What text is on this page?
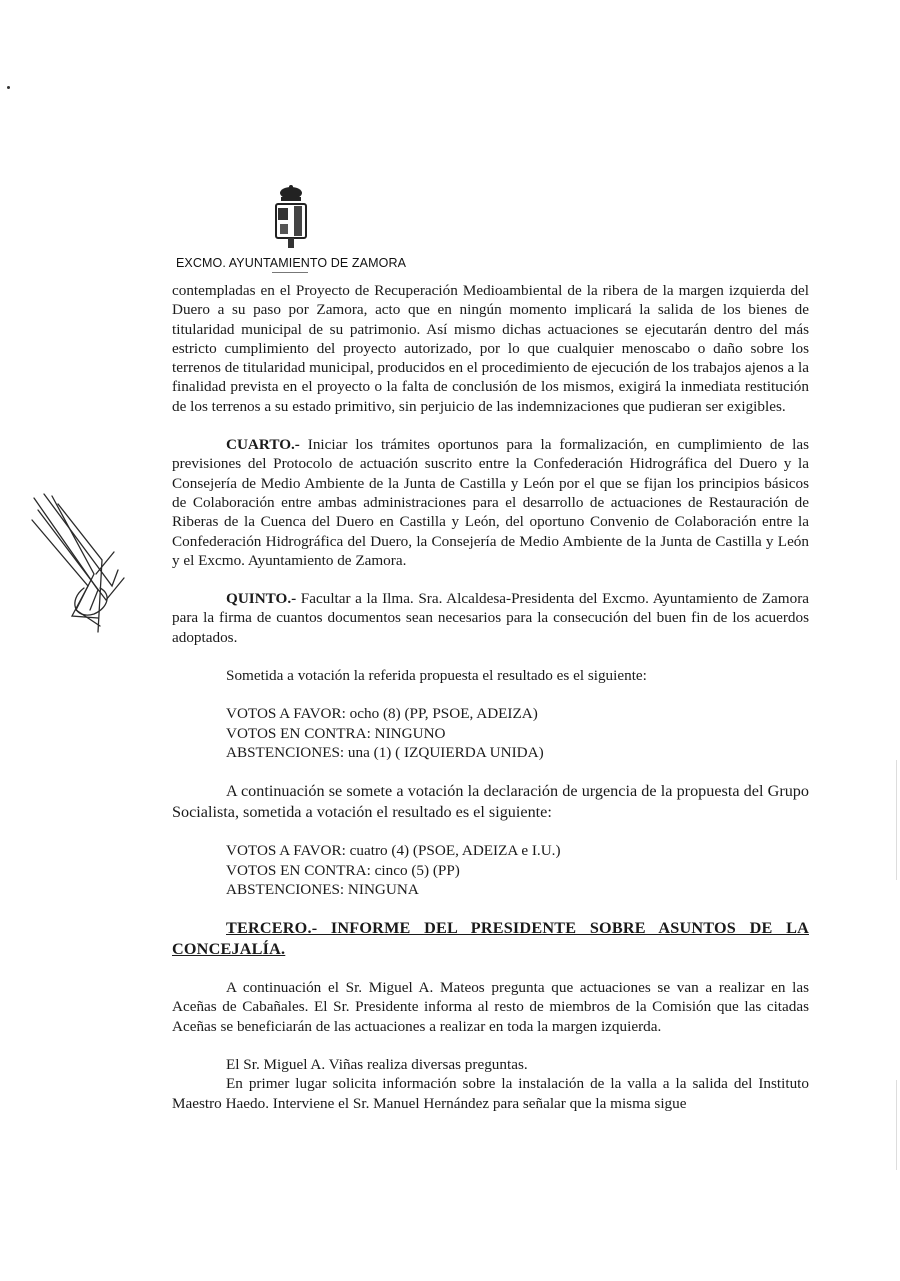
EXCMO. AYUNTAMIENTO DE ZAMORA

contempladas en el Proyecto de Recuperación Medioambiental de la ribera de la margen izquierda del Duero a su paso por Zamora, acto que en ningún momento implicará la salida de los bienes de titularidad municipal de su patrimonio. Así mismo dichas actuaciones se ejecutarán dentro del más estricto cumplimiento del proyecto autorizado, por lo que cualquier menoscabo o daño sobre los terrenos de titularidad municipal, producidos en el procedimiento de ejecución de los trabajos ajenos a la finalidad prevista en el proyecto o la falta de conclusión de los mismos, exigirá la inmediata restitución de los terrenos a su estado primitivo, sin perjuicio de las indemnizaciones que pudieran ser exigibles.

CUARTO.- Iniciar los trámites oportunos para la formalización, en cumplimiento de las previsiones del Protocolo de actuación suscrito entre la Confederación Hidrográfica del Duero y la Consejería de Medio Ambiente de la Junta de Castilla y León por el que se fijan los principios básicos de Colaboración entre ambas administraciones para el desarrollo de actuaciones de Restauración de Riberas de la Cuenca del Duero en Castilla y León, del oportuno Convenio de Colaboración entre la Confederación Hidrográfica del Duero, la Consejería de Medio Ambiente de la Junta de Castilla y León y el Excmo. Ayuntamiento de Zamora.

QUINTO.- Facultar a la Ilma. Sra. Alcaldesa-Presidenta del Excmo. Ayuntamiento de Zamora para la firma de cuantos documentos sean necesarios para la consecución del buen fin de los acuerdos adoptados.

Sometida a votación la referida propuesta el resultado es el siguiente:

VOTOS A FAVOR: ocho (8) (PP, PSOE, ADEIZA)
VOTOS EN CONTRA: NINGUNO
ABSTENCIONES: una (1) ( IZQUIERDA UNIDA)

A continuación se somete a votación la declaración de urgencia de la propuesta del Grupo Socialista, sometida a votación el resultado es el siguiente:

VOTOS A FAVOR: cuatro (4) (PSOE, ADEIZA e I.U.)
VOTOS EN CONTRA: cinco (5) (PP)
ABSTENCIONES: NINGUNA

TERCERO.- INFORME DEL PRESIDENTE SOBRE ASUNTOS DE LA CONCEJALÍA.

A continuación el Sr. Miguel A. Mateos pregunta que actuaciones se van a realizar en las Aceñas de Cabañales. El Sr. Presidente informa al resto de miembros de la Comisión que las citadas Aceñas se beneficiarán de las actuaciones a realizar en toda la margen izquierda.

El Sr. Miguel A. Viñas realiza diversas preguntas.

En primer lugar solicita información sobre la instalación de la valla a la salida del Instituto Maestro Haedo. Interviene el Sr. Manuel Hernández para señalar que la misma sigue
